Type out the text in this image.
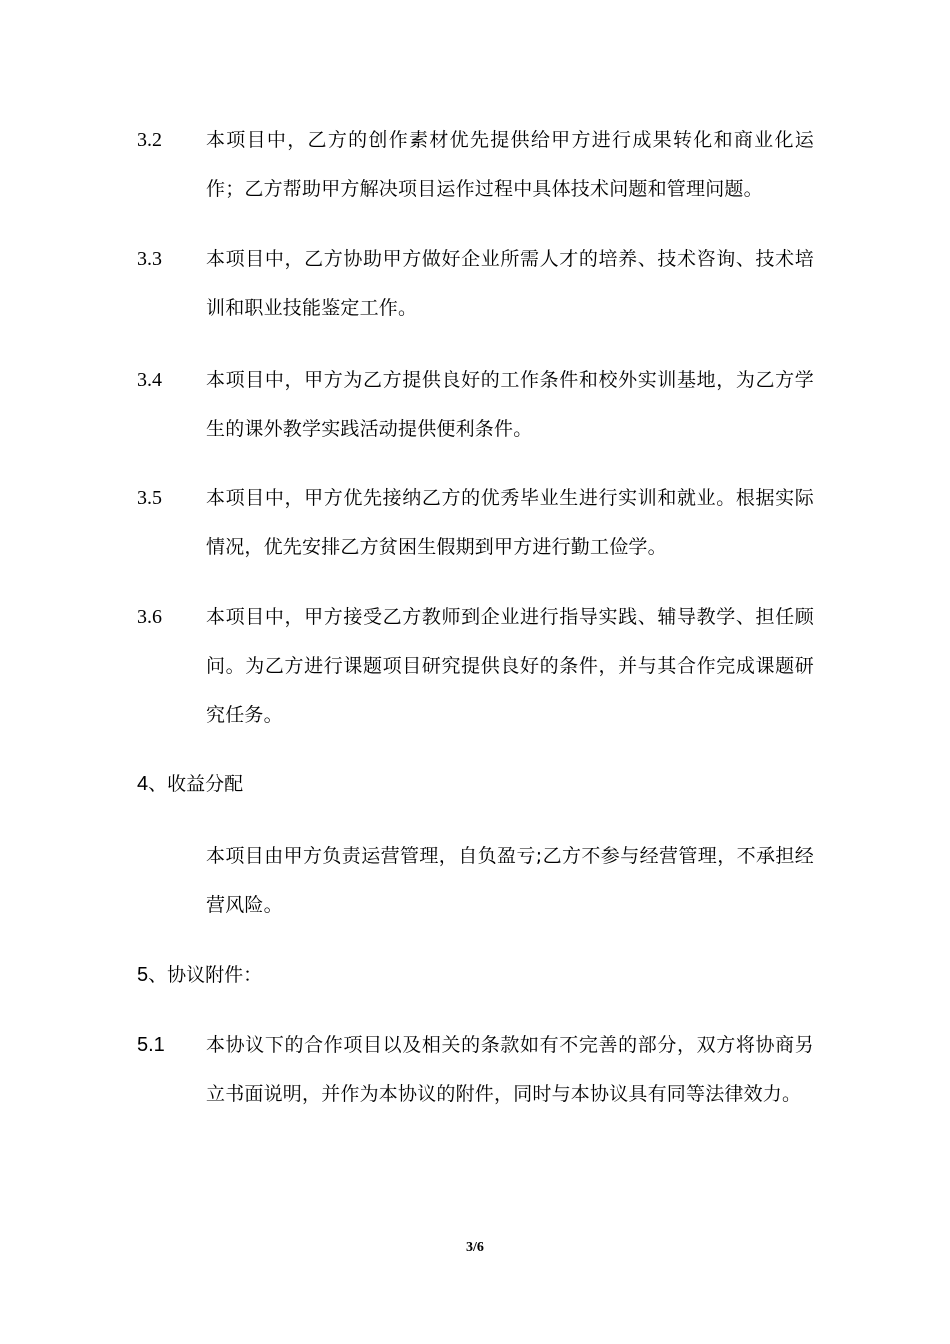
3.2 本项目中，乙方的创作素材优先提供给甲方进行成果转化和商业化运作；乙方帮助甲方解决项目运作过程中具体技术问题和管理问题。
3.3 本项目中，乙方协助甲方做好企业所需人才的培养、技术咨询、技术培训和职业技能鉴定工作。
3.4 本项目中，甲方为乙方提供良好的工作条件和校外实训基地，为乙方学生的课外教学实践活动提供便利条件。
3.5 本项目中，甲方优先接纳乙方的优秀毕业生进行实训和就业。根据实际情况，优先安排乙方贫困生假期到甲方进行勤工俭学。
3.6 本项目中，甲方接受乙方教师到企业进行指导实践、辅导教学、担任顾问。为乙方进行课题项目研究提供良好的条件，并与其合作完成课题研究任务。
4、收益分配
本项目由甲方负责运营管理，自负盈亏;乙方不参与经营管理，不承担经营风险。
5、协议附件：
5.1 本协议下的合作项目以及相关的条款如有不完善的部分，双方将协商另立书面说明，并作为本协议的附件，同时与本协议具有同等法律效力。
3/6
